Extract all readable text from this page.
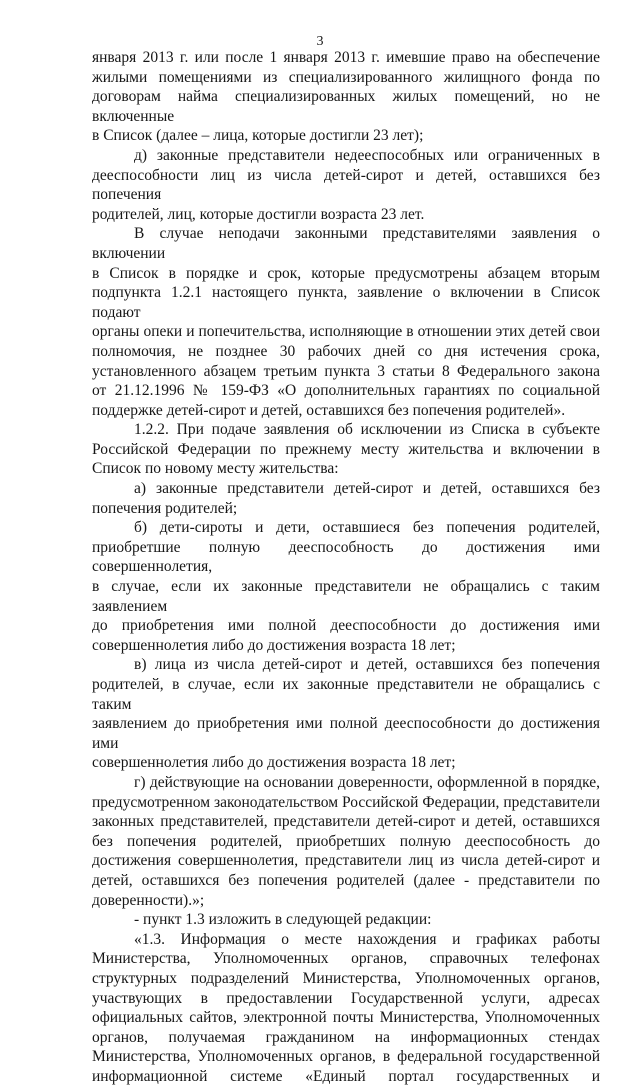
3
января 2013 г. или после 1 января 2013 г. имевшие право на обеспечение
жилыми помещениями из специализированного жилищного фонда по
договорам найма специализированных жилых помещений, но не включенные
в Список (далее – лица, которые достигли 23 лет);
д) законные представители недееспособных или ограниченных в
дееспособности лиц из числа детей-сирот и детей, оставшихся без попечения
родителей, лиц, которые достигли возраста 23 лет.
В случае неподачи законными представителями заявления о включении
в Список в порядке и срок, которые предусмотрены абзацем вторым
подпункта 1.2.1 настоящего пункта, заявление о включении в Список подают
органы опеки и попечительства, исполняющие в отношении этих детей свои
полномочия, не позднее 30 рабочих дней со дня истечения срока,
установленного абзацем третьим пункта 3 статьи 8 Федерального закона
от 21.12.1996 № 159-ФЗ «О дополнительных гарантиях по социальной
поддержке детей-сирот и детей, оставшихся без попечения родителей».
1.2.2. При подаче заявления об исключении из Списка в субъекте
Российской Федерации по прежнему месту жительства и включении в
Список по новому месту жительства:
а) законные представители детей-сирот и детей, оставшихся без
попечения родителей;
б) дети-сироты и дети, оставшиеся без попечения родителей,
приобретшие полную дееспособность до достижения ими совершеннолетия,
в случае, если их законные представители не обращались с таким заявлением
до приобретения ими полной дееспособности до достижения ими
совершеннолетия либо до достижения возраста 18 лет;
в) лица из числа детей-сирот и детей, оставшихся без попечения
родителей, в случае, если их законные представители не обращались с таким
заявлением до приобретения ими полной дееспособности до достижения ими
совершеннолетия либо до достижения возраста 18 лет;
г) действующие на основании доверенности, оформленной в порядке,
предусмотренном законодательством Российской Федерации, представители
законных представителей, представители детей-сирот и детей, оставшихся
без попечения родителей, приобретших полную дееспособность до
достижения совершеннолетия, представители лиц из числа детей-сирот и
детей, оставшихся без попечения родителей (далее - представители по
доверенности).»;
- пункт 1.3 изложить в следующей редакции:
«1.3. Информация о месте нахождения и графиках работы
Министерства, Уполномоченных органов, справочных телефонах
структурных подразделений Министерства, Уполномоченных органов,
участвующих в предоставлении Государственной услуги, адресах
официальных сайтов, электронной почты Министерства, Уполномоченных
органов, получаемая гражданином на информационных стендах
Министерства, Уполномоченных органов, в федеральной государственной
информационной системе «Единый портал государственных и
